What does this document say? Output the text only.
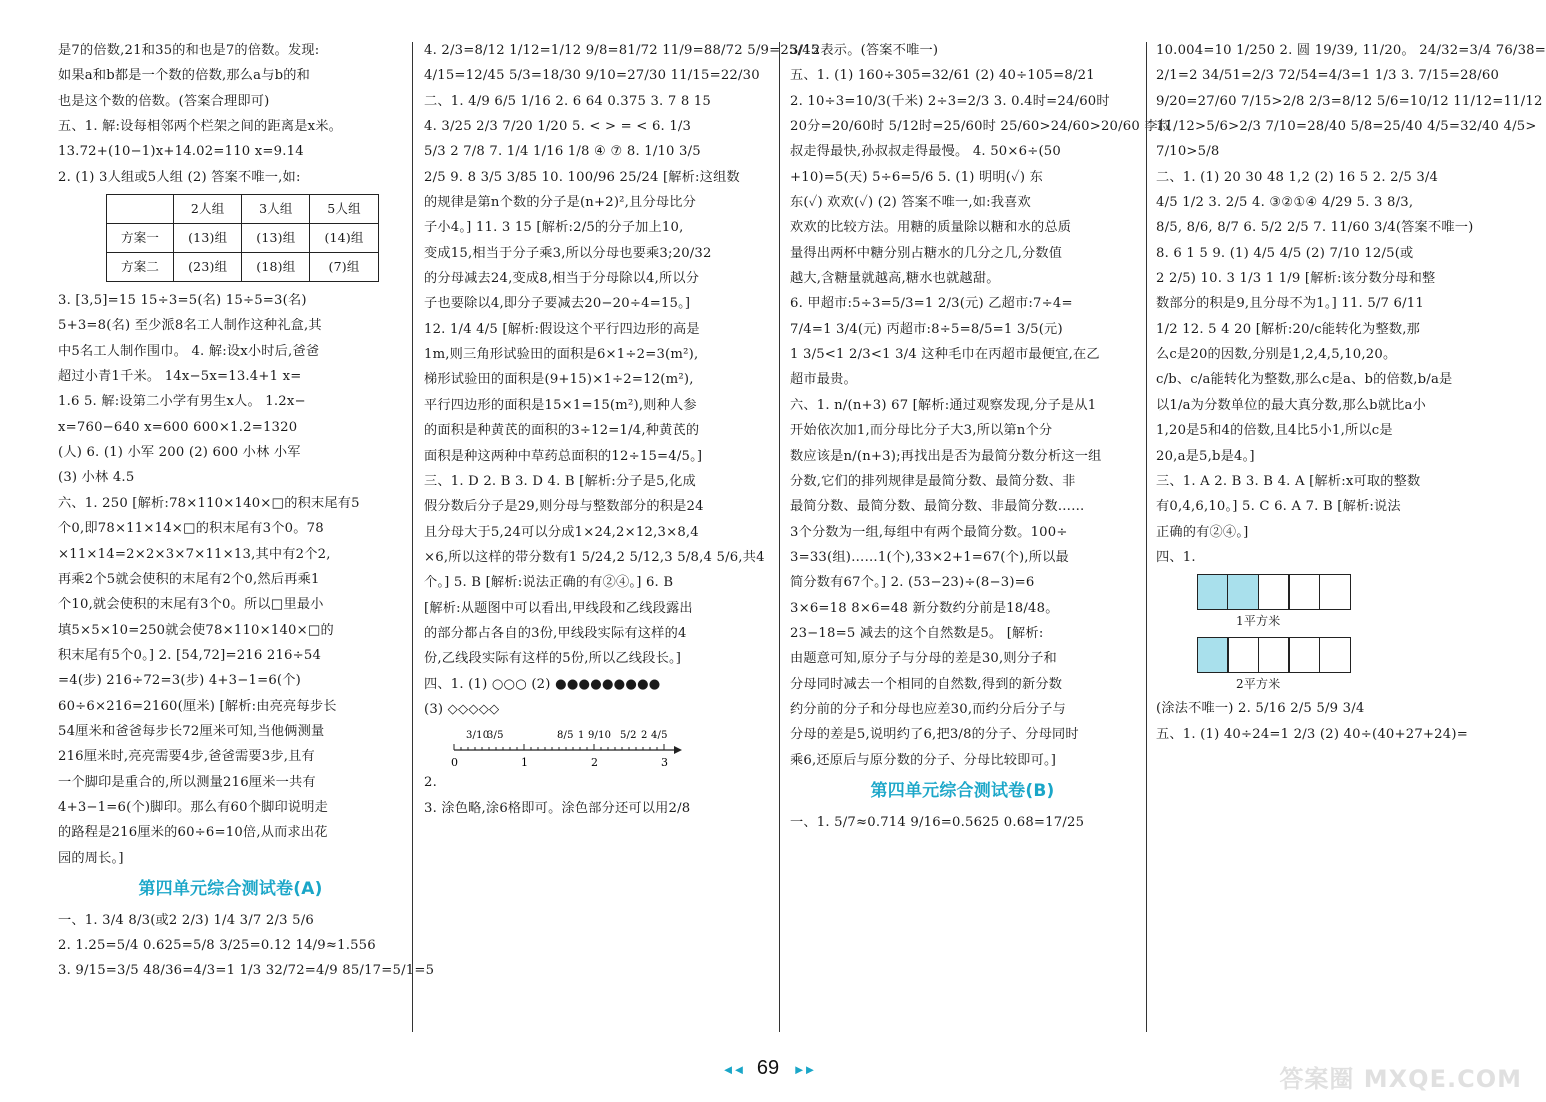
是7的倍数,21和35的和也是7的倍数。发现:
如果a和b都是一个数的倍数,那么a与b的和
也是这个数的倍数。(答案合理即可)
五、1. 解:设每相邻两个栏架之间的距离是x米。
13.72+(10−1)x+14.02=110 x=9.14
2. (1) 3人组或5人组 (2) 答案不唯一,如:
	2人组	3人组	5人组
方案一	(13)组	(13)组	(14)组
方案二	(23)组	(18)组	(7)组
3. [3,5]=15 15÷3=5(名) 15÷5=3(名)
5+3=8(名) 至少派8名工人制作这种礼盒,其
中5名工人制作围巾。 4. 解:设x小时后,爸爸
超过小青1千米。 14x−5x=13.4+1 x=
1.6 5. 解:设第二小学有男生x人。 1.2x−
x=760−640 x=600 600×1.2=1320
(人) 6. (1) 小军 200 (2) 600 小林 小军
(3) 小林 4.5
六、1. 250 [解析:78×110×140×□的积末尾有5
个0,即78×11×14×□的积末尾有3个0。78
×11×14=2×2×3×7×11×13,其中有2个2,
再乘2个5就会使积的末尾有2个0,然后再乘1
个10,就会使积的末尾有3个0。所以□里最小
填5×5×10=250就会使78×110×140×□的
积末尾有5个0。] 2. [54,72]=216 216÷54
=4(步) 216÷72=3(步) 4+3−1=6(个)
60÷6×216=2160(厘米) [解析:由亮亮每步长
54厘米和爸爸每步长72厘米可知,当他俩测量
216厘米时,亮亮需要4步,爸爸需要3步,且有
一个脚印是重合的,所以测量216厘米一共有
4+3−1=6(个)脚印。那么有60个脚印说明走
的路程是216厘米的60÷6=10倍,从而求出花
园的周长。]
第四单元综合测试卷(A)
一、1. 3/4 8/3(或2 2/3) 1/4 3/7 2/3 5/6
2. 1.25=5/4 0.625=5/8 3/25=0.12 14/9≈1.556
3. 9/15=3/5 48/36=4/3=1 1/3 32/72=4/9 85/17=5/1=5
4. 2/3=8/12 1/12=1/12 9/8=81/72 11/9=88/72 5/9=25/45
4/15=12/45 5/3=18/30 9/10=27/30 11/15=22/30
二、1. 4/9 6/5 1/16 2. 6 64 0.375 3. 7 8 15
4. 3/25 2/3 7/20 1/20 5. < > = < 6. 1/3
5/3 2 7/8 7. 1/4 1/16 1/8 ④ ⑦ 8. 1/10 3/5
2/5 9. 8 3/5 3/85 10. 100/96 25/24 [解析:这组数
的规律是第n个数的分子是(n+2)²,且分母比分
子小4。] 11. 3 15 [解析:2/5的分子加上10,
变成15,相当于分子乘3,所以分母也要乘3;20/32
的分母减去24,变成8,相当于分母除以4,所以分
子也要除以4,即分子要减去20−20÷4=15。]
12. 1/4 4/5 [解析:假设这个平行四边形的高是
1m,则三角形试验田的面积是6×1÷2=3(m²),
梯形试验田的面积是(9+15)×1÷2=12(m²),
平行四边形的面积是15×1=15(m²),则种人参
的面积是种黄芪的面积的3÷12=1/4,种黄芪的
面积是种这两种中草药总面积的12÷15=4/5。]
三、1. D 2. B 3. D 4. B [解析:分子是5,化成
假分数后分子是29,则分母与整数部分的积是24
且分母大于5,24可以分成1×24,2×12,3×8,4
×6,所以这样的带分数有1 5/24,2 5/12,3 5/8,4 5/6,共4
个。] 5. B [解析:说法正确的有②④。] 6. B
[解析:从题图中可以看出,甲线段和乙线段露出
的部分都占各自的3份,甲线段实际有这样的4
份,乙线段实际有这样的5份,所以乙线段长。]
四、1. (1) ○○○ (2) ●●●●●●●●●
(3) ◇◇◇◇◇
0	1	2	3
3/10
3/5	8/5 1 9/10 5/2 2 4/5
2.
3. 涂色略,涂6格即可。涂色部分还可以用2/8
3/12表示。(答案不唯一)
五、1. (1) 160÷305=32/61 (2) 40÷105=8/21
2. 10÷3=10/3(千米) 2÷3=2/3 3. 0.4时=24/60时
20分=20/60时 5/12时=25/60时 25/60>24/60>20/60 李叔
叔走得最快,孙叔叔走得最慢。 4. 50×6÷(50
+10)=5(天) 5÷6=5/6 5. (1) 明明(✓) 东
东(✓) 欢欢(✓) (2) 答案不唯一,如:我喜欢
欢欢的比较方法。用糖的质量除以糖和水的总质
量得出两杯中糖分别占糖水的几分之几,分数值
越大,含糖量就越高,糖水也就越甜。
6. 甲超市:5÷3=5/3=1 2/3(元) 乙超市:7÷4=
7/4=1 3/4(元) 丙超市:8÷5=8/5=1 3/5(元)
1 3/5<1 2/3<1 3/4 这种毛巾在丙超市最便宜,在乙
超市最贵。
六、1. n/(n+3) 67 [解析:通过观察发现,分子是从1
开始依次加1,而分母比分子大3,所以第n个分
数应该是n/(n+3);再找出是否为最简分数分析这一组
分数,它们的排列规律是最简分数、最简分数、非
最简分数、最简分数、最简分数、非最简分数……
3个分数为一组,每组中有两个最简分数。100÷
3=33(组)……1(个),33×2+1=67(个),所以最
简分数有67个。] 2. (53−23)÷(8−3)=6
3×6=18 8×6=48 新分数约分前是18/48。
23−18=5 减去的这个自然数是5。 [解析:
由题意可知,原分子与分母的差是30,则分子和
分母同时减去一个相同的自然数,得到的新分数
约分前的分子和分母也应差30,而约分后分子与
分母的差是5,说明约了6,把3/8的分子、分母同时
乘6,还原后与原分数的分子、分母比较即可。]
第四单元综合测试卷(B)
一、1. 5/7≈0.714 9/16=0.5625 0.68=17/25
10.004=10 1/250 2. 圆 19/39, 11/20。 24/32=3/4 76/38=
2/1=2 34/51=2/3 72/54=4/3=1 1/3 3. 7/15=28/60
9/20=27/60 7/15>2/8 2/3=8/12 5/6=10/12 11/12=11/12
11/12>5/6>2/3 7/10=28/40 5/8=25/40 4/5=32/40 4/5>
7/10>5/8
二、1. (1) 20 30 48 1,2 (2) 16 5 2. 2/5 3/4
4/5 1/2 3. 2/5 4. ③②①④ 4/29 5. 3 8/3,
8/5, 8/6, 8/7 6. 5/2 2/5 7. 11/60 3/4(答案不唯一)
8. 6 1 5 9. (1) 4/5 4/5 (2) 7/10 12/5(或
2 2/5) 10. 3 1/3 1 1/9 [解析:该分数分母和整
数部分的积是9,且分母不为1。] 11. 5/7 6/11
1/2 12. 5 4 20 [解析:20/c能转化为整数,那
么c是20的因数,分别是1,2,4,5,10,20。
c/b、c/a能转化为整数,那么c是a、b的倍数,b/a是
以1/a为分数单位的最大真分数,那么b就比a小
1,20是5和4的倍数,且4比5小1,所以c是
20,a是5,b是4。]
三、1. A 2. B 3. B 4. A [解析:x可取的整数
有0,4,6,10。] 5. C 6. A 7. B [解析:说法
正确的有②④。]
四、1.
1平方米
2平方米
(涂法不唯一) 2. 5/16 2/5 5/9 3/4
五、1. (1) 40÷24=1 2/3 (2) 40÷(40+27+24)=
◄◄ 69 ►►	答案圈 MXQE.COM
